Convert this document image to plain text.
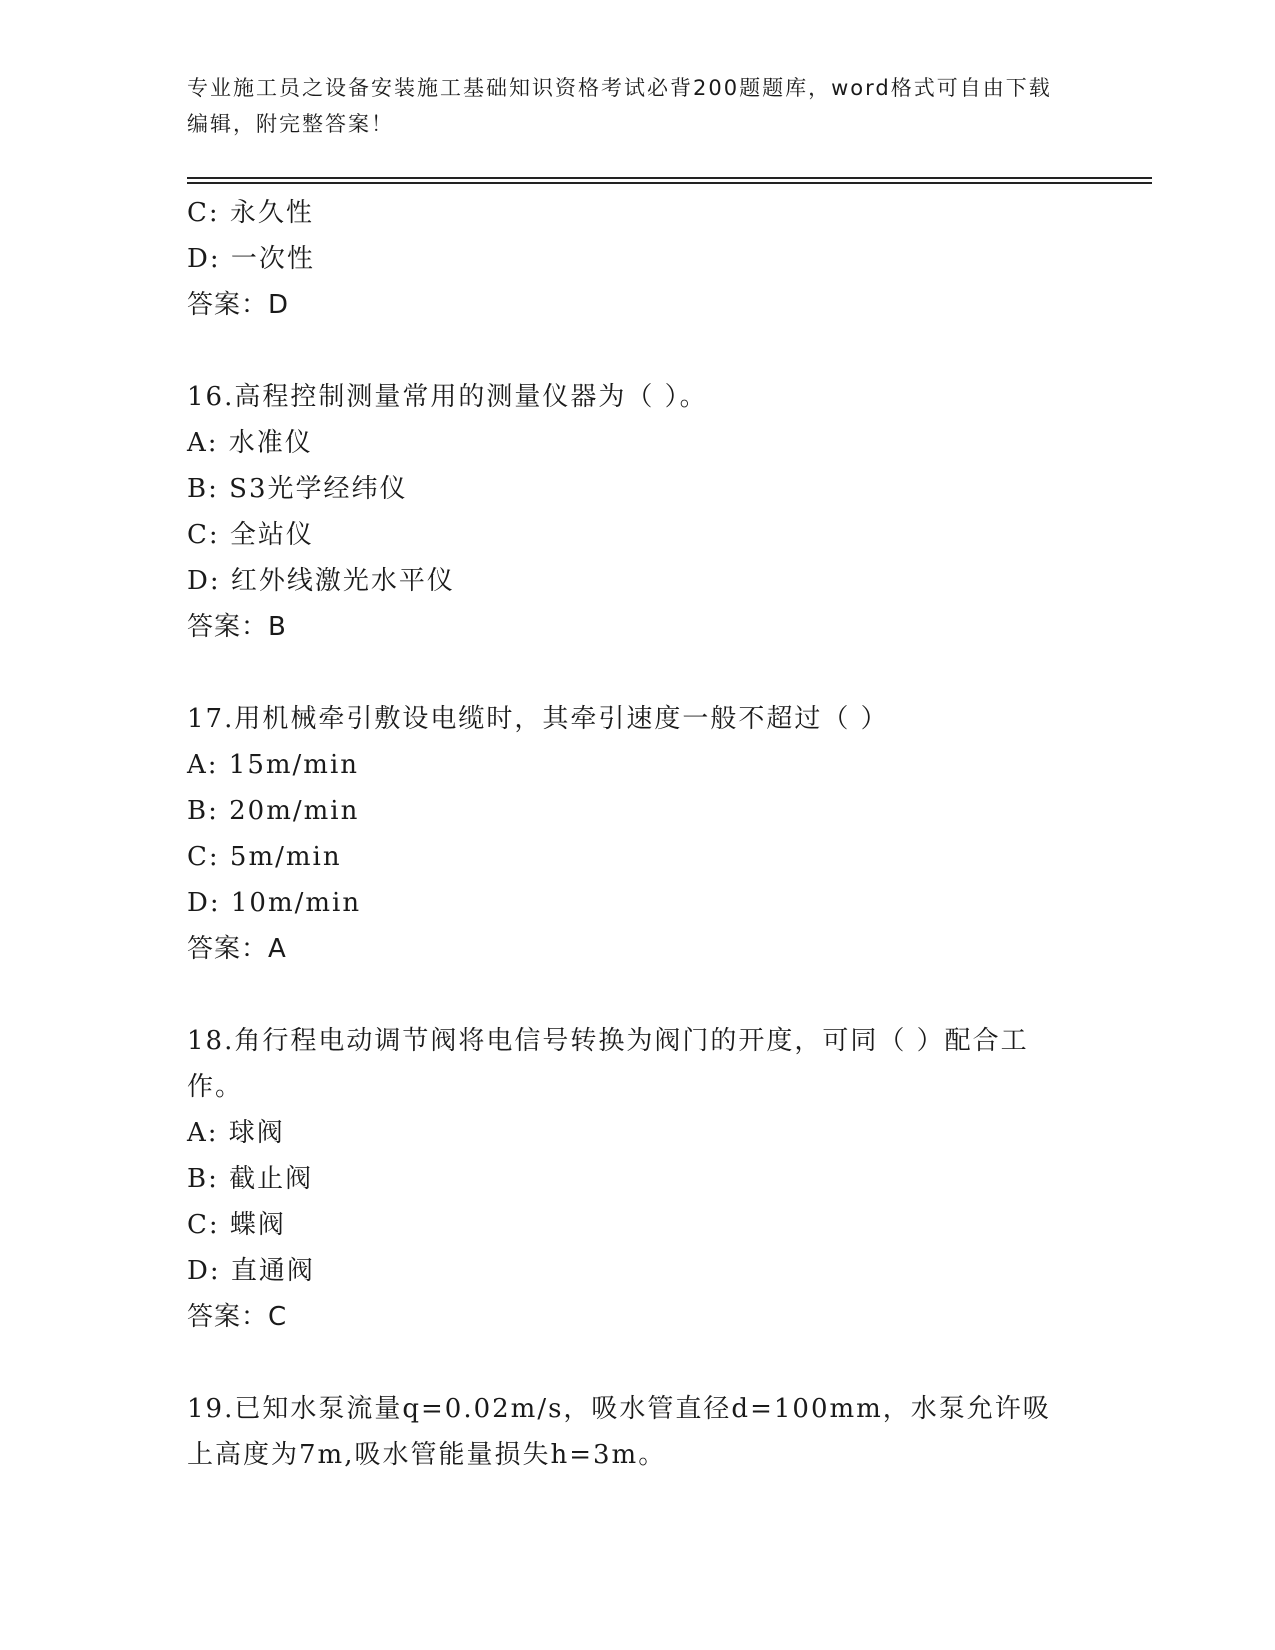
专业施工员之设备安装施工基础知识资格考试必背200题题库，word格式可自由下载编辑，附完整答案！
C: 永久性
D: 一次性
答案：D
16.高程控制测量常用的测量仪器为（ ）。
A: 水准仪
B: S3光学经纬仪
C: 全站仪
D: 红外线激光水平仪
答案：B
17.用机械牵引敷设电缆时，其牵引速度一般不超过（ ）
A: 15m/min
B: 20m/min
C: 5m/min
D: 10m/min
答案：A
18.角行程电动调节阀将电信号转换为阀门的开度，可同（ ）配合工作。
A: 球阀
B: 截止阀
C: 蝶阀
D: 直通阀
答案：C
19.已知水泵流量q=0.02m/s，吸水管直径d=100mm，水泵允许吸上高度为7m,吸水管能量损失h=3m。
